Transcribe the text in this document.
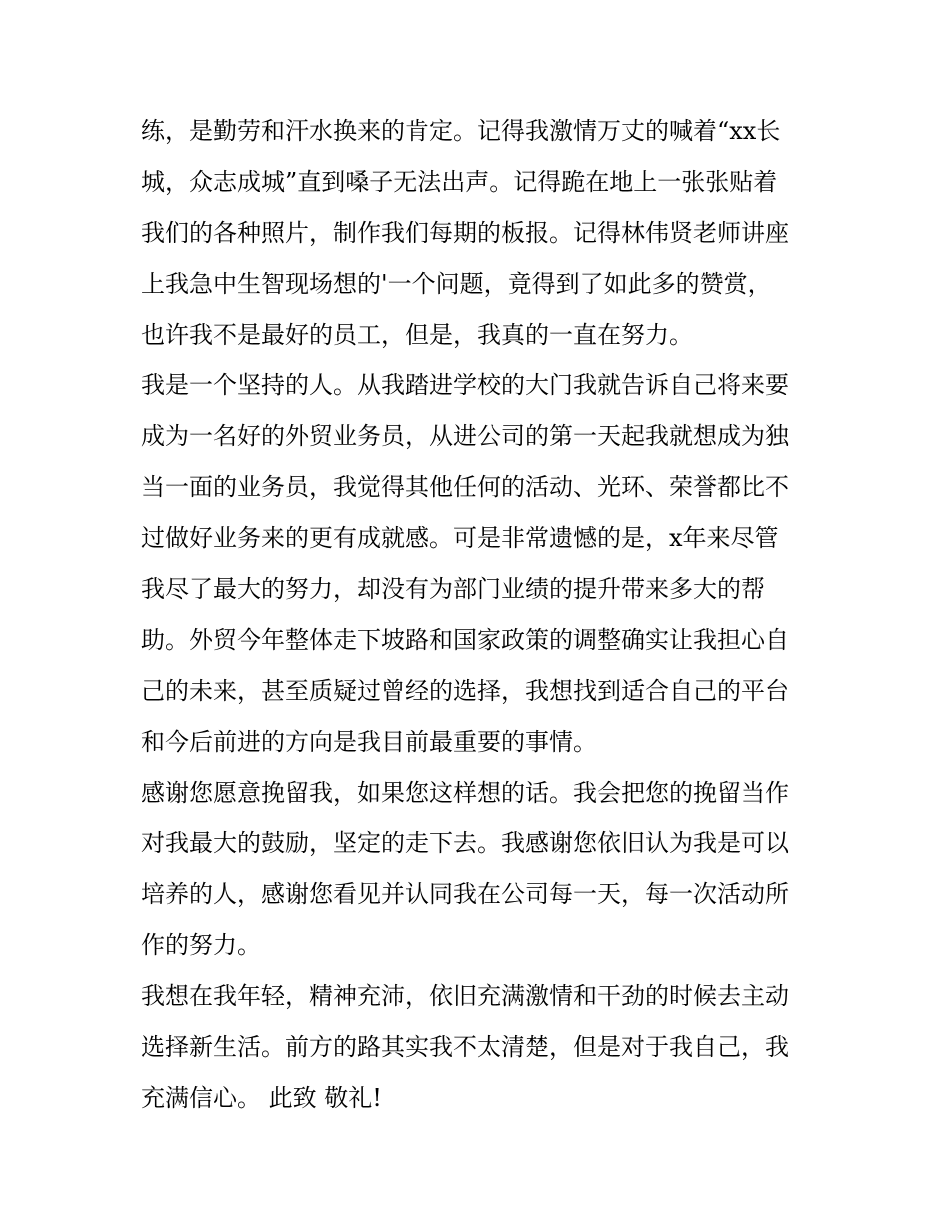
练，是勤劳和汗水换来的肯定。记得我激情万丈的喊着“xx长
城，众志成城”直到嗓子无法出声。记得跪在地上一张张贴着
我们的各种照片，制作我们每期的板报。记得林伟贤老师讲座
上我急中生智现场想的'一个问题，竟得到了如此多的赞赏，
也许我不是最好的员工，但是，我真的一直在努力。
我是一个坚持的人。从我踏进学校的大门我就告诉自己将来要
成为一名好的外贸业务员，从进公司的第一天起我就想成为独
当一面的业务员，我觉得其他任何的活动、光环、荣誉都比不
过做好业务来的更有成就感。可是非常遗憾的是，x年来尽管
我尽了最大的努力，却没有为部门业绩的提升带来多大的帮
助。外贸今年整体走下坡路和国家政策的调整确实让我担心自
己的未来，甚至质疑过曾经的选择，我想找到适合自己的平台
和今后前进的方向是我目前最重要的事情。
感谢您愿意挽留我，如果您这样想的话。我会把您的挽留当作
对我最大的鼓励，坚定的走下去。我感谢您依旧认为我是可以
培养的人，感谢您看见并认同我在公司每一天，每一次活动所
作的努力。
我想在我年轻，精神充沛，依旧充满激情和干劲的时候去主动
选择新生活。前方的路其实我不太清楚，但是对于我自己，我
充满信心。 此致 敬礼!
